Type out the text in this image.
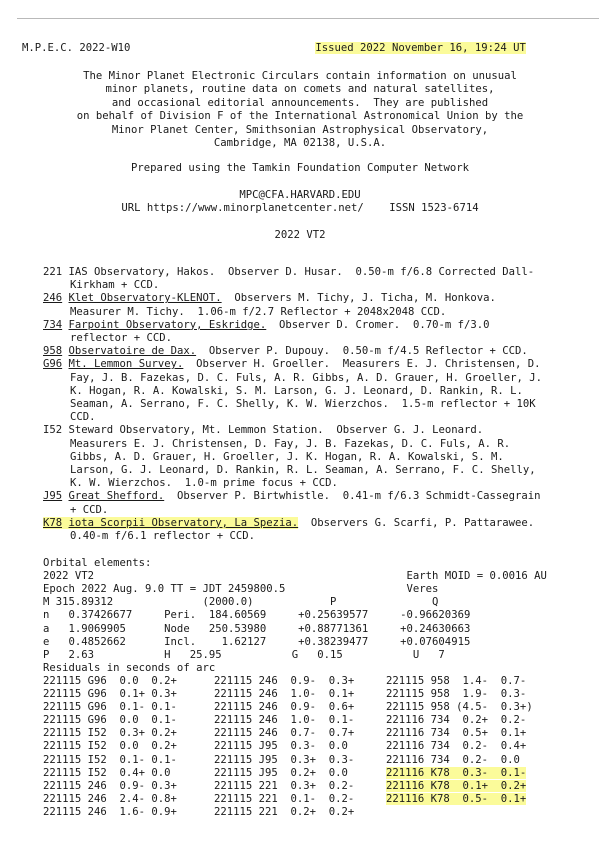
M.P.E.C. 2022-W10	Issued 2022 November 16, 19:24 UT
The Minor Planet Electronic Circulars contain information on unusual
minor planets, routine data on comets and natural satellites,
and occasional editorial announcements.  They are published
on behalf of Division F of the International Astronomical Union by the
Minor Planet Center, Smithsonian Astrophysical Observatory,
Cambridge, MA 02138, U.S.A.
Prepared using the Tamkin Foundation Computer Network
MPC@CFA.HARVARD.EDU
URL https://www.minorplanetcenter.net/    ISSN 1523-6714
2022 VT2
221 IAS Observatory, Hakos.  Observer D. Husar.  0.50-m f/6.8 Corrected Dall-
Kirkham + CCD.
246 Klet Observatory-KLENOT.  Observers M. Tichy, J. Ticha, M. Honkova.
Measurer M. Tichy.  1.06-m f/2.7 Reflector + 2048x2048 CCD.
734 Farpoint Observatory, Eskridge.  Observer D. Cromer.  0.70-m f/3.0
reflector + CCD.
958 Observatoire de Dax.  Observer P. Dupouy.  0.50-m f/4.5 Reflector + CCD.
G96 Mt. Lemmon Survey.  Observer H. Groeller.  Measurers E. J. Christensen, D.
Fay, J. B. Fazekas, D. C. Fuls, A. R. Gibbs, A. D. Grauer, H. Groeller, J.
K. Hogan, R. A. Kowalski, S. M. Larson, G. J. Leonard, D. Rankin, R. L.
Seaman, A. Serrano, F. C. Shelly, K. W. Wierzchos.  1.5-m reflector + 10K
CCD.
I52 Steward Observatory, Mt. Lemmon Station.  Observer G. J. Leonard.
Measurers E. J. Christensen, D. Fay, J. B. Fazekas, D. C. Fuls, A. R.
Gibbs, A. D. Grauer, H. Groeller, J. K. Hogan, R. A. Kowalski, S. M.
Larson, G. J. Leonard, D. Rankin, R. L. Seaman, A. Serrano, F. C. Shelly,
K. W. Wierzchos.  1.0-m prime focus + CCD.
J95 Great Shefford.  Observer P. Birtwhistle.  0.41-m f/6.3 Schmidt-Cassegrain
+ CCD.
K78 iota Scorpii Observatory, La Spezia.  Observers G. Scarfi, P. Pattarawee.
0.40-m f/6.1 reflector + CCD.
Orbital elements:
2022 VT2                                                 Earth MOID = 0.0016 AU
Epoch 2022 Aug. 9.0 TT = JDT 2459800.5                   Veres
M 315.89312              (2000.0)            P               Q
n   0.37426677     Peri.  184.60569     +0.25639577     -0.96620369
a   1.9069905      Node   250.53980     +0.88771361     +0.24630663
e   0.4852662      Incl.    1.62127     +0.38239477     +0.07604915
P   2.63           H   25.95           G   0.15           U   7
Residuals in seconds of arc
221115 G96  0.0  0.2+	221115 246  0.9-  0.3+	221115 958  1.4-  0.7-
221115 G96  0.1+ 0.3+	221115 246  1.0-  0.1+	221115 958  1.9-  0.3-
221115 G96  0.1- 0.1-	221115 246  0.9-  0.6+	221115 958 (4.5-  0.3+)
221115 G96  0.0  0.1-	221115 246  1.0-  0.1-	221116 734  0.2+  0.2-
221115 I52  0.3+ 0.2+	221115 246  0.7-  0.7+	221116 734  0.5+  0.1+
221115 I52  0.0  0.2+	221115 J95  0.3-  0.0	221116 734  0.2-  0.4+
221115 I52  0.1- 0.1-	221115 J95  0.3+  0.3-	221116 734  0.2-  0.0
221115 I52  0.4+ 0.0	221115 J95  0.2+  0.0	221116 K78  0.3-  0.1-
221115 246  0.9- 0.3+	221115 221  0.3+  0.2-	221116 K78  0.1+  0.2+
221115 246  2.4- 0.8+	221115 221  0.1-  0.2-	221116 K78  0.5-  0.1+
221115 246  1.6- 0.9+	221115 221  0.2+  0.2+
